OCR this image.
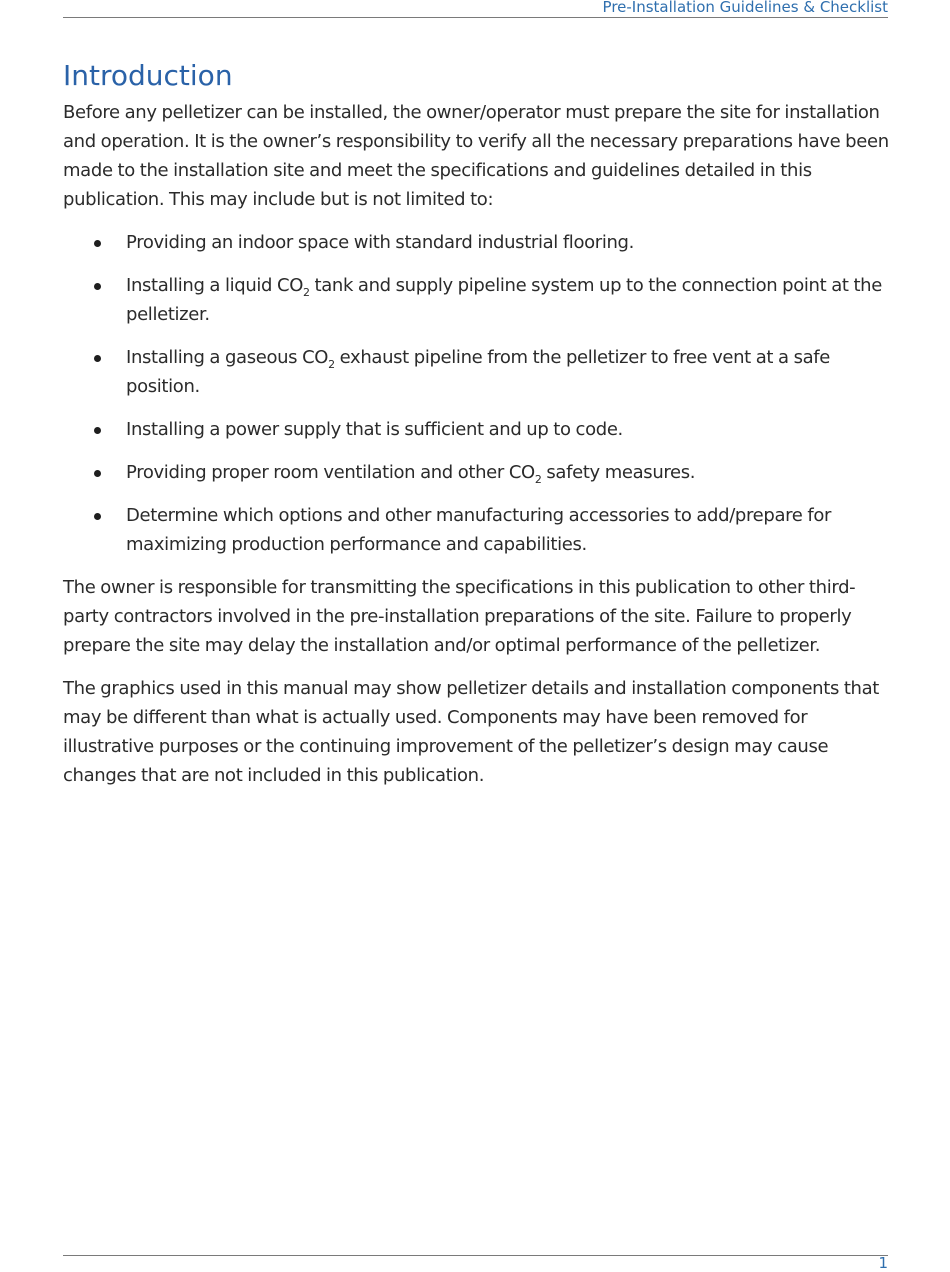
Pre-Installation Guidelines & Checklist

Introduction

Before any pelletizer can be installed, the owner/operator must prepare the site for installation and operation. It is the owner’s responsibility to verify all the necessary preparations have been made to the installation site and meet the specifications and guidelines detailed in this publication. This may include but is not limited to:

Providing an indoor space with standard industrial flooring.
Installing a liquid $CO_2$ tank and supply pipeline system up to the connection point at the pelletizer.
Installing a gaseous $CO_2$ exhaust pipeline from the pelletizer to free vent at a safe position.
Installing a power supply that is sufficient and up to code.
Providing proper room ventilation and other $CO_2$ safety measures.
Determine which options and other manufacturing accessories to add/prepare for maximizing production performance and capabilities.

The owner is responsible for transmitting the specifications in this publication to other third-party contractors involved in the pre-installation preparations of the site. Failure to properly prepare the site may delay the installation and/or optimal performance of the pelletizer.

The graphics used in this manual may show pelletizer details and installation components that may be different than what is actually used. Components may have been removed for illustrative purposes or the continuing improvement of the pelletizer’s design may cause changes that are not included in this publication.

1
